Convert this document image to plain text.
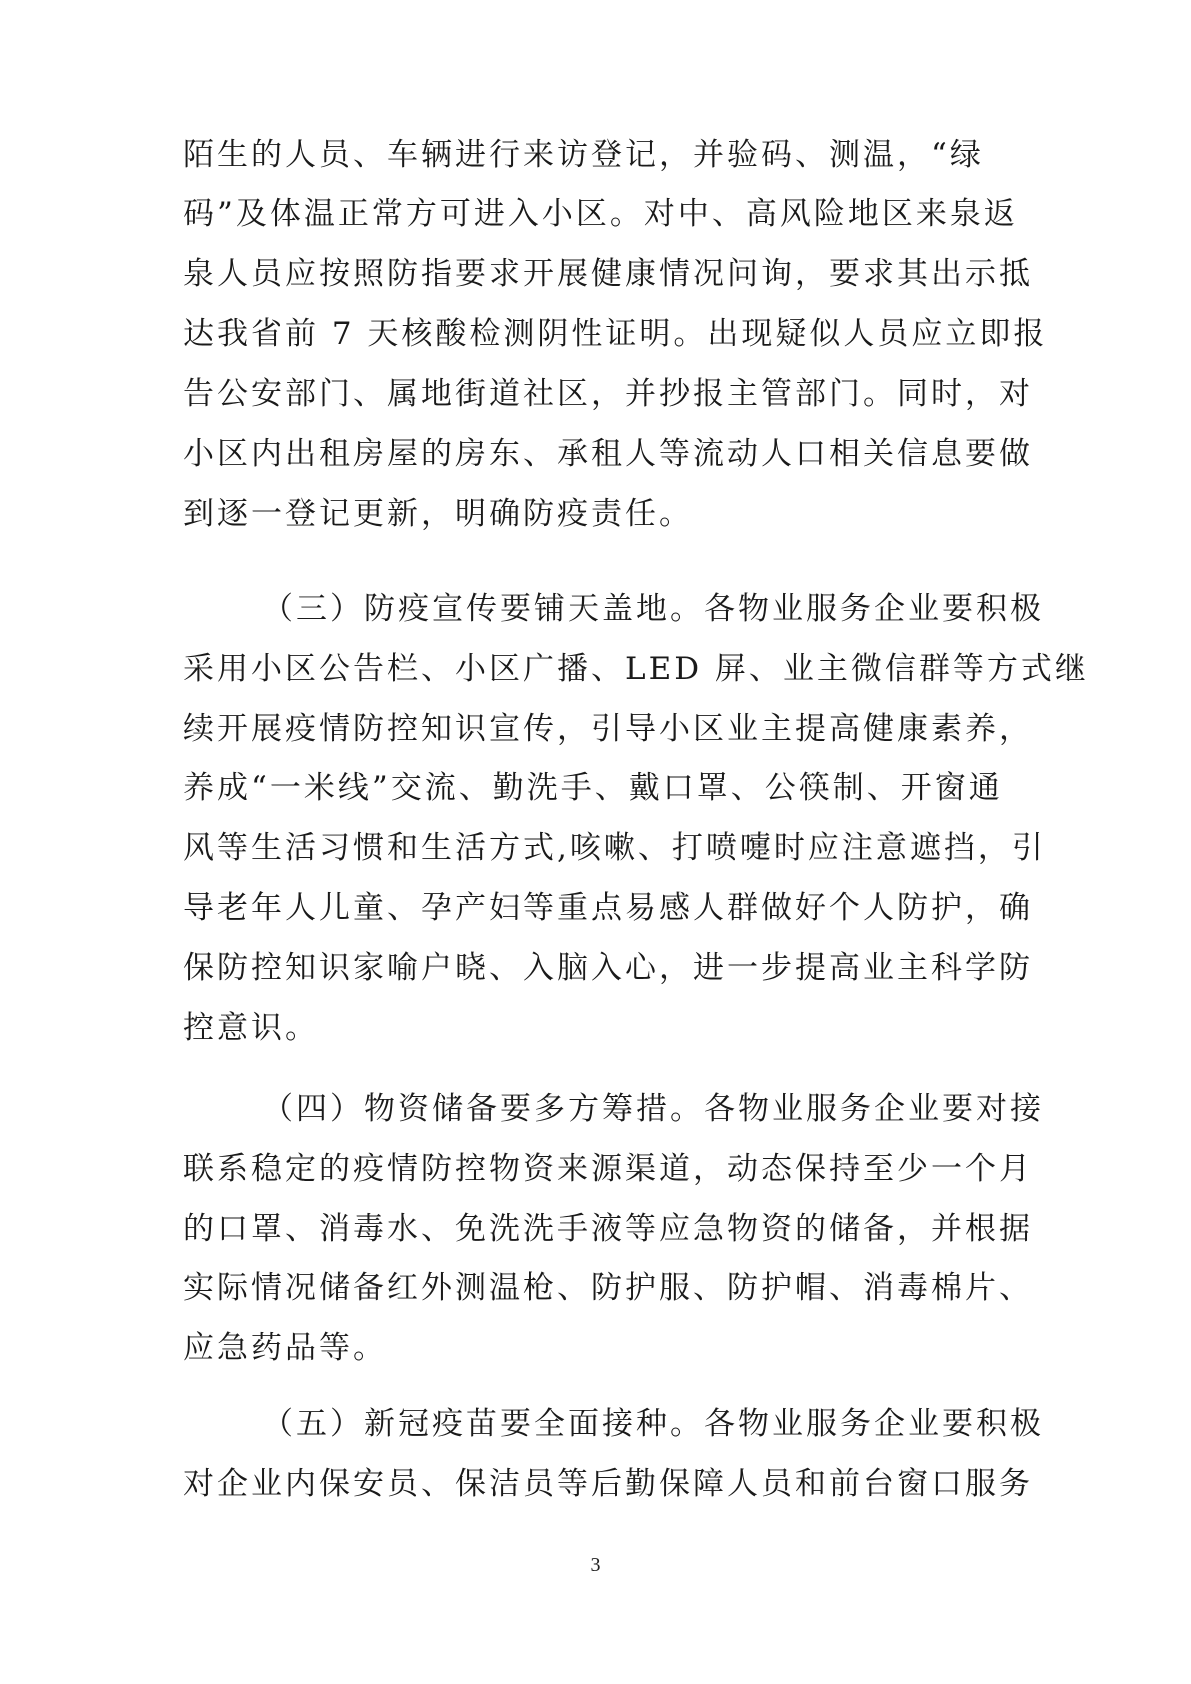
陌生的人员、车辆进行来访登记，并验码、测温，“绿
码”及体温正常方可进入小区。对中、高风险地区来泉返
泉人员应按照防指要求开展健康情况问询，要求其出示抵
达我省前 7 天核酸检测阴性证明。出现疑似人员应立即报
告公安部门、属地街道社区，并抄报主管部门。同时，对
小区内出租房屋的房东、承租人等流动人口相关信息要做
到逐一登记更新，明确防疫责任。
（三）防疫宣传要铺天盖地。各物业服务企业要积极
采用小区公告栏、小区广播、LED 屏、业主微信群等方式继
续开展疫情防控知识宣传，引导小区业主提高健康素养，
养成“一米线”交流、勤洗手、戴口罩、公筷制、开窗通
风等生活习惯和生活方式,咳嗽、打喷嚏时应注意遮挡，引
导老年人儿童、孕产妇等重点易感人群做好个人防护，确
保防控知识家喻户晓、入脑入心，进一步提高业主科学防
控意识。
（四）物资储备要多方筹措。各物业服务企业要对接
联系稳定的疫情防控物资来源渠道，动态保持至少一个月
的口罩、消毒水、免洗洗手液等应急物资的储备，并根据
实际情况储备红外测温枪、防护服、防护帽、消毒棉片、
应急药品等。
（五）新冠疫苗要全面接种。各物业服务企业要积极
对企业内保安员、保洁员等后勤保障人员和前台窗口服务
3
